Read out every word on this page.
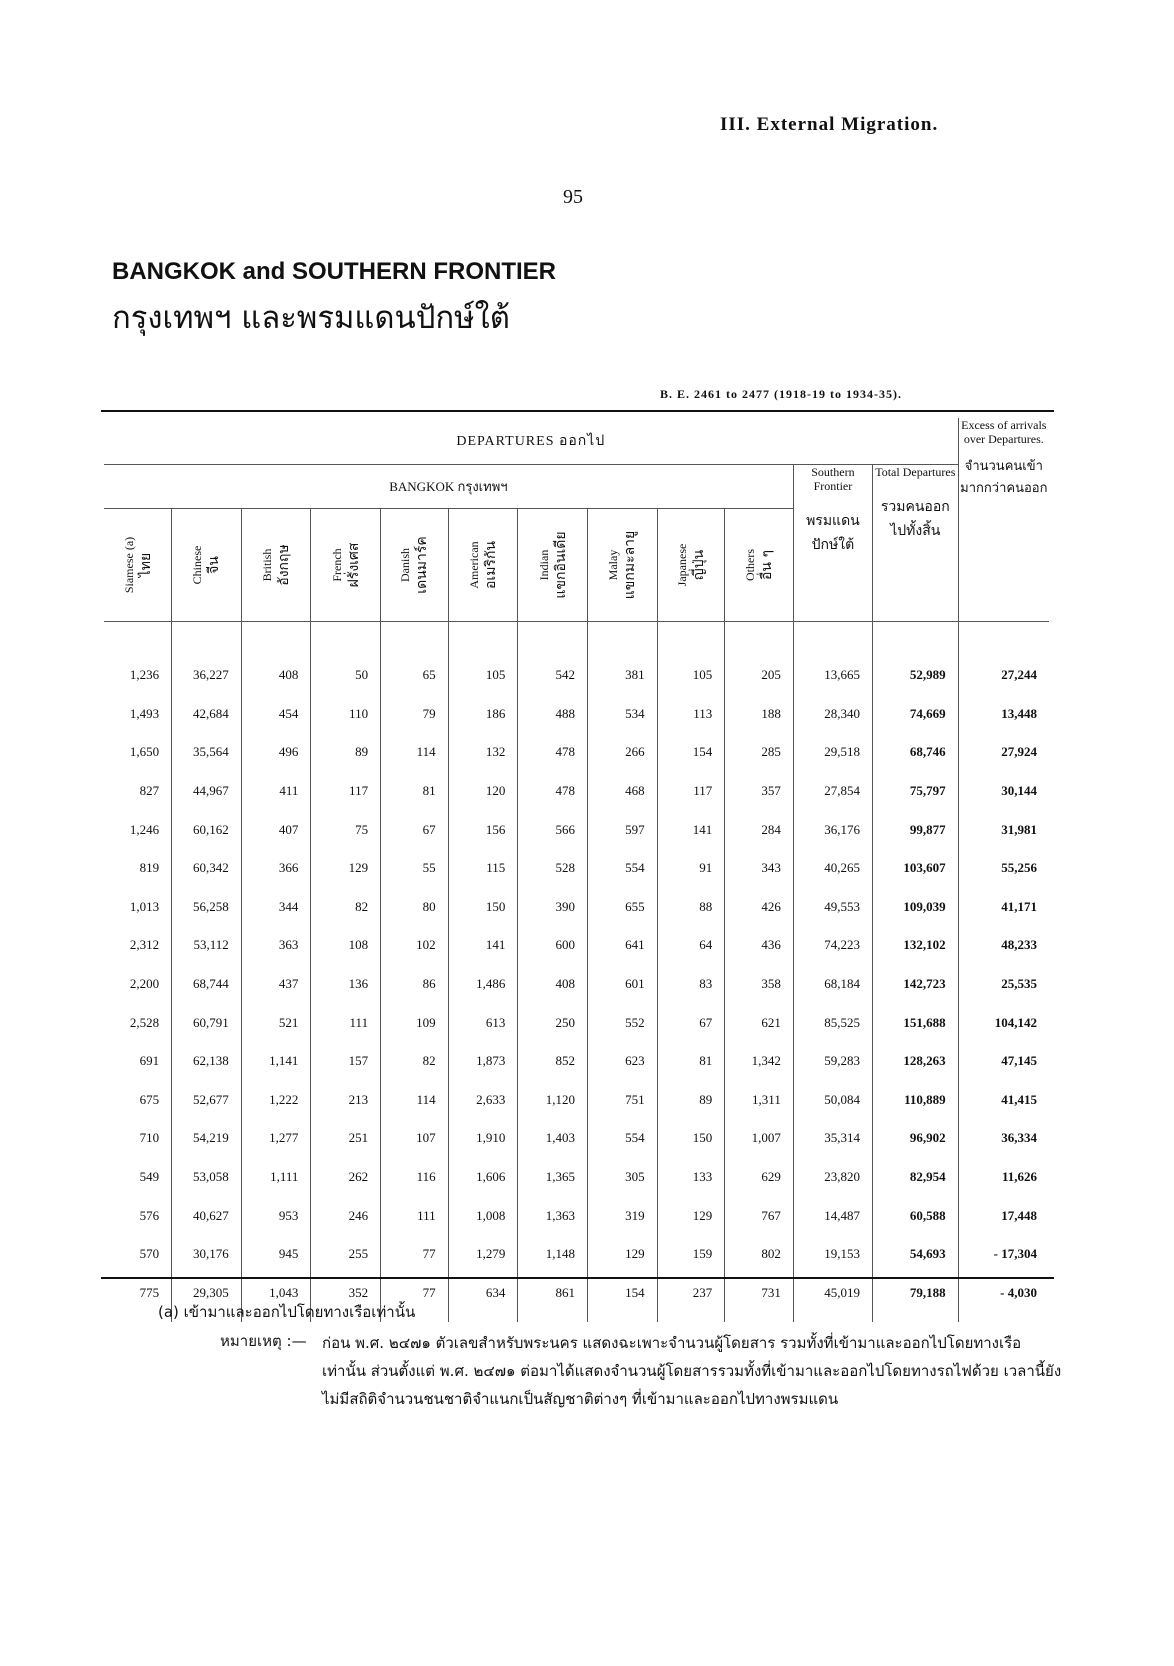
III. External Migration.
95
BANGKOK and SOUTHERN FRONTIER
กรุงเทพฯ และพรมแดนปักษ์ใต้
B. E. 2461 to 2477 (1918-19 to 1934-35).
DEPARTURES ออกไป												Excess of arrivals over Departures.
จำนวนคนเข้ามากกว่าคนออก

BANGKOK กรุงเทพฯ										Southern Frontier
พรมแดนปักษ์ใต้	Total Departures
รวมคนออกไปทั้งสิ้น	

Siamese (a) ไทย	Chinese จีน	British อังกฤษ	French ฝรั่งเศส	Danish เดนมาร์ค	American อเมริกัน	Indian แขกอินเดีย	Malay แขกมะลายู	Japanese ญี่ปุ่น	Others อื่น ๆ			

1,236	36,227	408	50	65	105	542	381	105	205	13,665	52,989	27,244
1,493	42,684	454	110	79	186	488	534	113	188	28,340	74,669	13,448
1,650	35,564	496	89	114	132	478	266	154	285	29,518	68,746	27,924
827	44,967	411	117	81	120	478	468	117	357	27,854	75,797	30,144
1,246	60,162	407	75	67	156	566	597	141	284	36,176	99,877	31,981
819	60,342	366	129	55	115	528	554	91	343	40,265	103,607	55,256
1,013	56,258	344	82	80	150	390	655	88	426	49,553	109,039	41,171
2,312	53,112	363	108	102	141	600	641	64	436	74,223	132,102	48,233
2,200	68,744	437	136	86	1,486	408	601	83	358	68,184	142,723	25,535
2,528	60,791	521	111	109	613	250	552	67	621	85,525	151,688	104,142
691	62,138	1,141	157	82	1,873	852	623	81	1,342	59,283	128,263	47,145
675	52,677	1,222	213	114	2,633	1,120	751	89	1,311	50,084	110,889	41,415
710	54,219	1,277	251	107	1,910	1,403	554	150	1,007	35,314	96,902	36,334
549	53,058	1,111	262	116	1,606	1,365	305	133	629	23,820	82,954	11,626
576	40,627	953	246	111	1,008	1,363	319	129	767	14,487	60,588	17,448
570	30,176	945	255	77	1,279	1,148	129	159	802	19,153	54,693	- 17,304
775	29,305	1,043	352	77	634	861	154	237	731	45,019	79,188	- 4,030
(a) เข้ามาและออกไปโดยทางเรือเท่านั้น
หมายเหตุ :— ก่อน พ.ศ. ๒๔๗๑ ตัวเลขสำหรับพระนคร แสดงฉะเพาะจำนวนผู้โดยสาร รวมทั้งที่เข้ามาและออกไปโดยทางเรือเท่านั้น ส่วนตั้งแต่ พ.ศ. ๒๔๗๑ ต่อมาได้แสดงจำนวนผู้โดยสารรวมทั้งที่เข้ามาและออกไปโดยทางรถไฟด้วย เวลานี้ยังไม่มีสถิติจำนวนชนชาติจำแนกเป็นสัญชาติต่างๆ ที่เข้ามาและออกไปทางพรมแดน
